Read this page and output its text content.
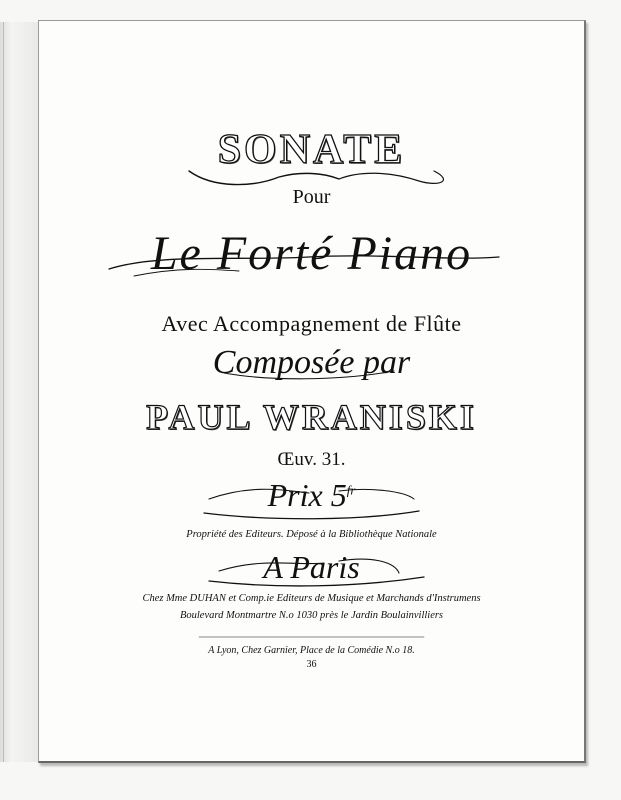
SONATE
Pour
Le Forté Piano
Avec Accompagnement de Flûte
Composée par
PAUL WRANISKI
Œuv. 31.
Prix $5^{fr}$
Propriété des Editeurs. Déposé à la Bibliothèque Nationale
A Paris
Chez Mme DUHAN et Comp.ie Editeurs de Musique et Marchands d'Instrumens
Boulevard Montmartre N.o 1030 près le Jardin Boulainvilliers
A Lyon, Chez Garnier, Place de la Comédie N.o 18.
36
